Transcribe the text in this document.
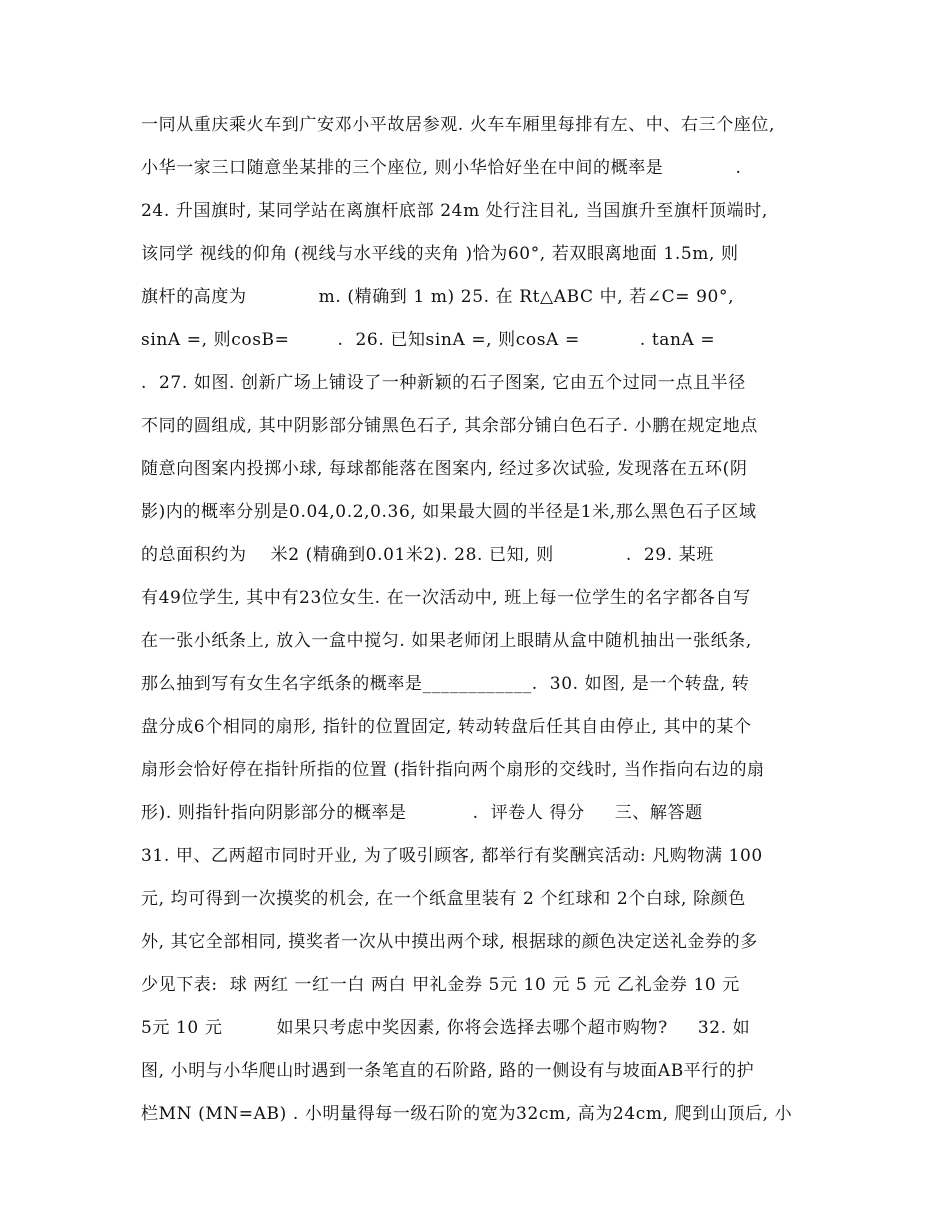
一同从重庆乘火车到广安邓小平故居参观. 火车车厢里每排有左、中、右三个座位,
小华一家三口随意坐某排的三个座位, 则小华恰好坐在中间的概率是            .
24. 升国旗时, 某同学站在离旗杆底部 24m 处行注目礼, 当国旗升至旗杆顶端时,
该同学 视线的仰角 (视线与水平线的夹角 )恰为60°, 若双眼离地面 1.5m, 则
旗杆的高度为            m. (精确到 1 m) 25. 在 Rt△ABC 中, 若∠C= 90°,
sinA =, 则cosB=        .  26. 已知sinA =, 则cosA =          . tanA =
.  27. 如图. 创新广场上铺设了一种新颖的石子图案, 它由五个过同一点且半径
不同的圆组成, 其中阴影部分铺黑色石子, 其余部分铺白色石子. 小鹏在规定地点
随意向图案内投掷小球, 每球都能落在图案内, 经过多次试验, 发现落在五环(阴
影)内的概率分别是0.04,0.2,0.36, 如果最大圆的半径是1米,那么黑色石子区域
的总面积约为    米2 (精确到0.01米2). 28. 已知, 则            .  29. 某班
有49位学生, 其中有23位女生. 在一次活动中, 班上每一位学生的名字都各自写
在一张小纸条上, 放入一盒中搅匀. 如果老师闭上眼睛从盒中随机抽出一张纸条,
那么抽到写有女生名字纸条的概率是____________.  30. 如图, 是一个转盘, 转
盘分成6个相同的扇形, 指针的位置固定, 转动转盘后任其自由停止, 其中的某个
扇形会恰好停在指针所指的位置 (指针指向两个扇形的交线时, 当作指向右边的扇
形). 则指针指向阴影部分的概率是           .  评卷人 得分     三、解答题
31. 甲、乙两超市同时开业, 为了吸引顾客, 都举行有奖酬宾活动: 凡购物满 100
元, 均可得到一次摸奖的机会, 在一个纸盒里装有 2 个红球和 2个白球, 除颜色
外, 其它全部相同, 摸奖者一次从中摸出两个球, 根据球的颜色决定送礼金券的多
少见下表:  球 两红 一红一白 两白 甲礼金券 5元 10 元 5 元 乙礼金券 10 元
5元 10 元         如果只考虑中奖因素, 你将会选择去哪个超市购物?     32. 如
图, 小明与小华爬山时遇到一条笔直的石阶路, 路的一侧设有与坡面AB平行的护
栏MN (MN=AB) . 小明量得每一级石阶的宽为32cm, 高为24cm, 爬到山顶后, 小
